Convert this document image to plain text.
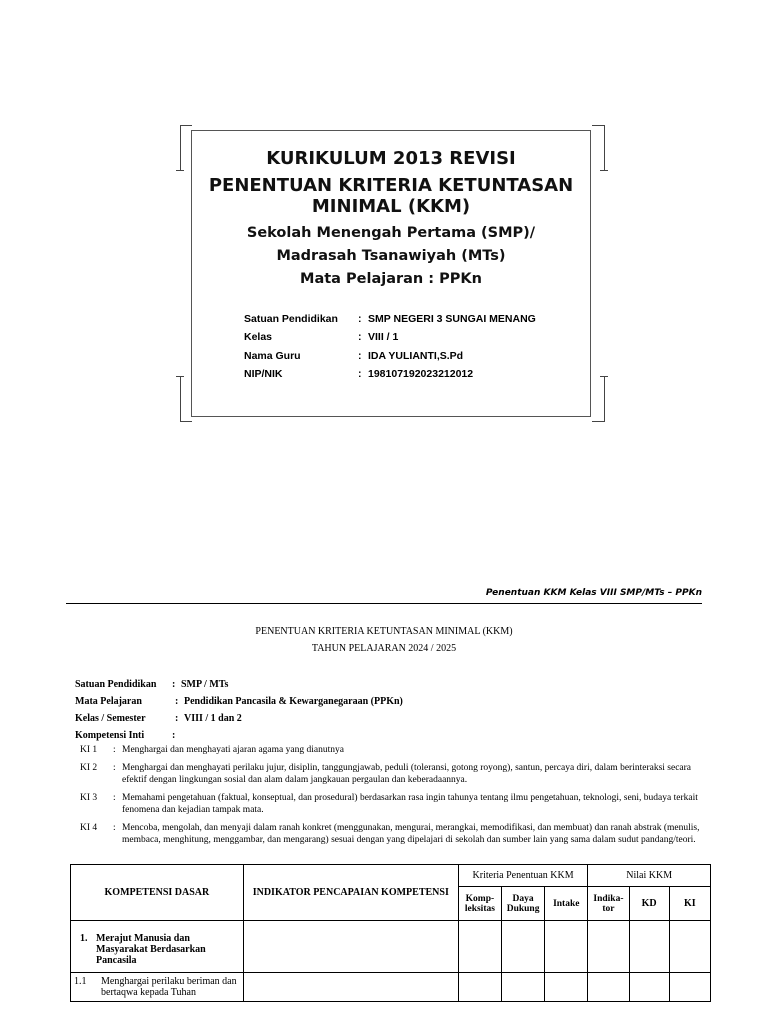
KURIKULUM 2013 REVISI
PENENTUAN KRITERIA KETUNTASAN MINIMAL (KKM)
Sekolah Menengah Pertama (SMP)/
Madrasah Tsanawiyah (MTs)
Mata Pelajaran : PPKn
Satuan Pendidikan	: SMP NEGERI 3 SUNGAI MENANG
Kelas	: VIII / 1
Nama Guru	: IDA YULIANTI,S.Pd
NIP/NIK	: 198107192023212012
Penentuan KKM Kelas VIII SMP/MTs – PPKn
PENENTUAN KRITERIA KETUNTASAN MINIMAL (KKM)
TAHUN PELAJARAN 2024 / 2025
Satuan Pendidikan	: SMP / MTs
Mata Pelajaran	: Pendidikan Pancasila & Kewarganegaraan (PPKn)
Kelas / Semester	: VIII / 1 dan 2
Kompetensi Inti	:
KI 1	: Menghargai dan menghayati ajaran agama yang dianutnya
KI 2	: Menghargai dan menghayati perilaku jujur, disiplin, tanggungjawab, peduli (toleransi, gotong royong), santun, percaya diri, dalam berinteraksi secara efektif dengan lingkungan sosial dan alam dalam jangkauan pergaulan dan keberadaannya.
KI 3	: Memahami pengetahuan (faktual, konseptual, dan prosedural) berdasarkan rasa ingin tahunya tentang ilmu pengetahuan, teknologi, seni, budaya terkait fenomena dan kejadian tampak mata.
KI 4	: Mencoba, mengolah, dan menyaji dalam ranah konkret (menggunakan, mengurai, merangkai, memodifikasi, dan membuat) dan ranah abstrak (menulis, membaca, menghitung, menggambar, dan mengarang) sesuai dengan yang dipelajari di sekolah dan sumber lain yang sama dalam sudut pandang/teori.
KOMPETENSI DASAR	INDIKATOR PENCAPAIAN KOMPETENSI	Kriteria Penentuan KKM			Nilai KKM		
		Komp-leksitas	Daya Dukung	Intake	Indika-tor	KD	KI

1. Merajut Manusia dan Masyarakat Berdasarkan Pancasila							

1.1 Menghargai perilaku beriman dan bertaqwa kepada Tuhan							
